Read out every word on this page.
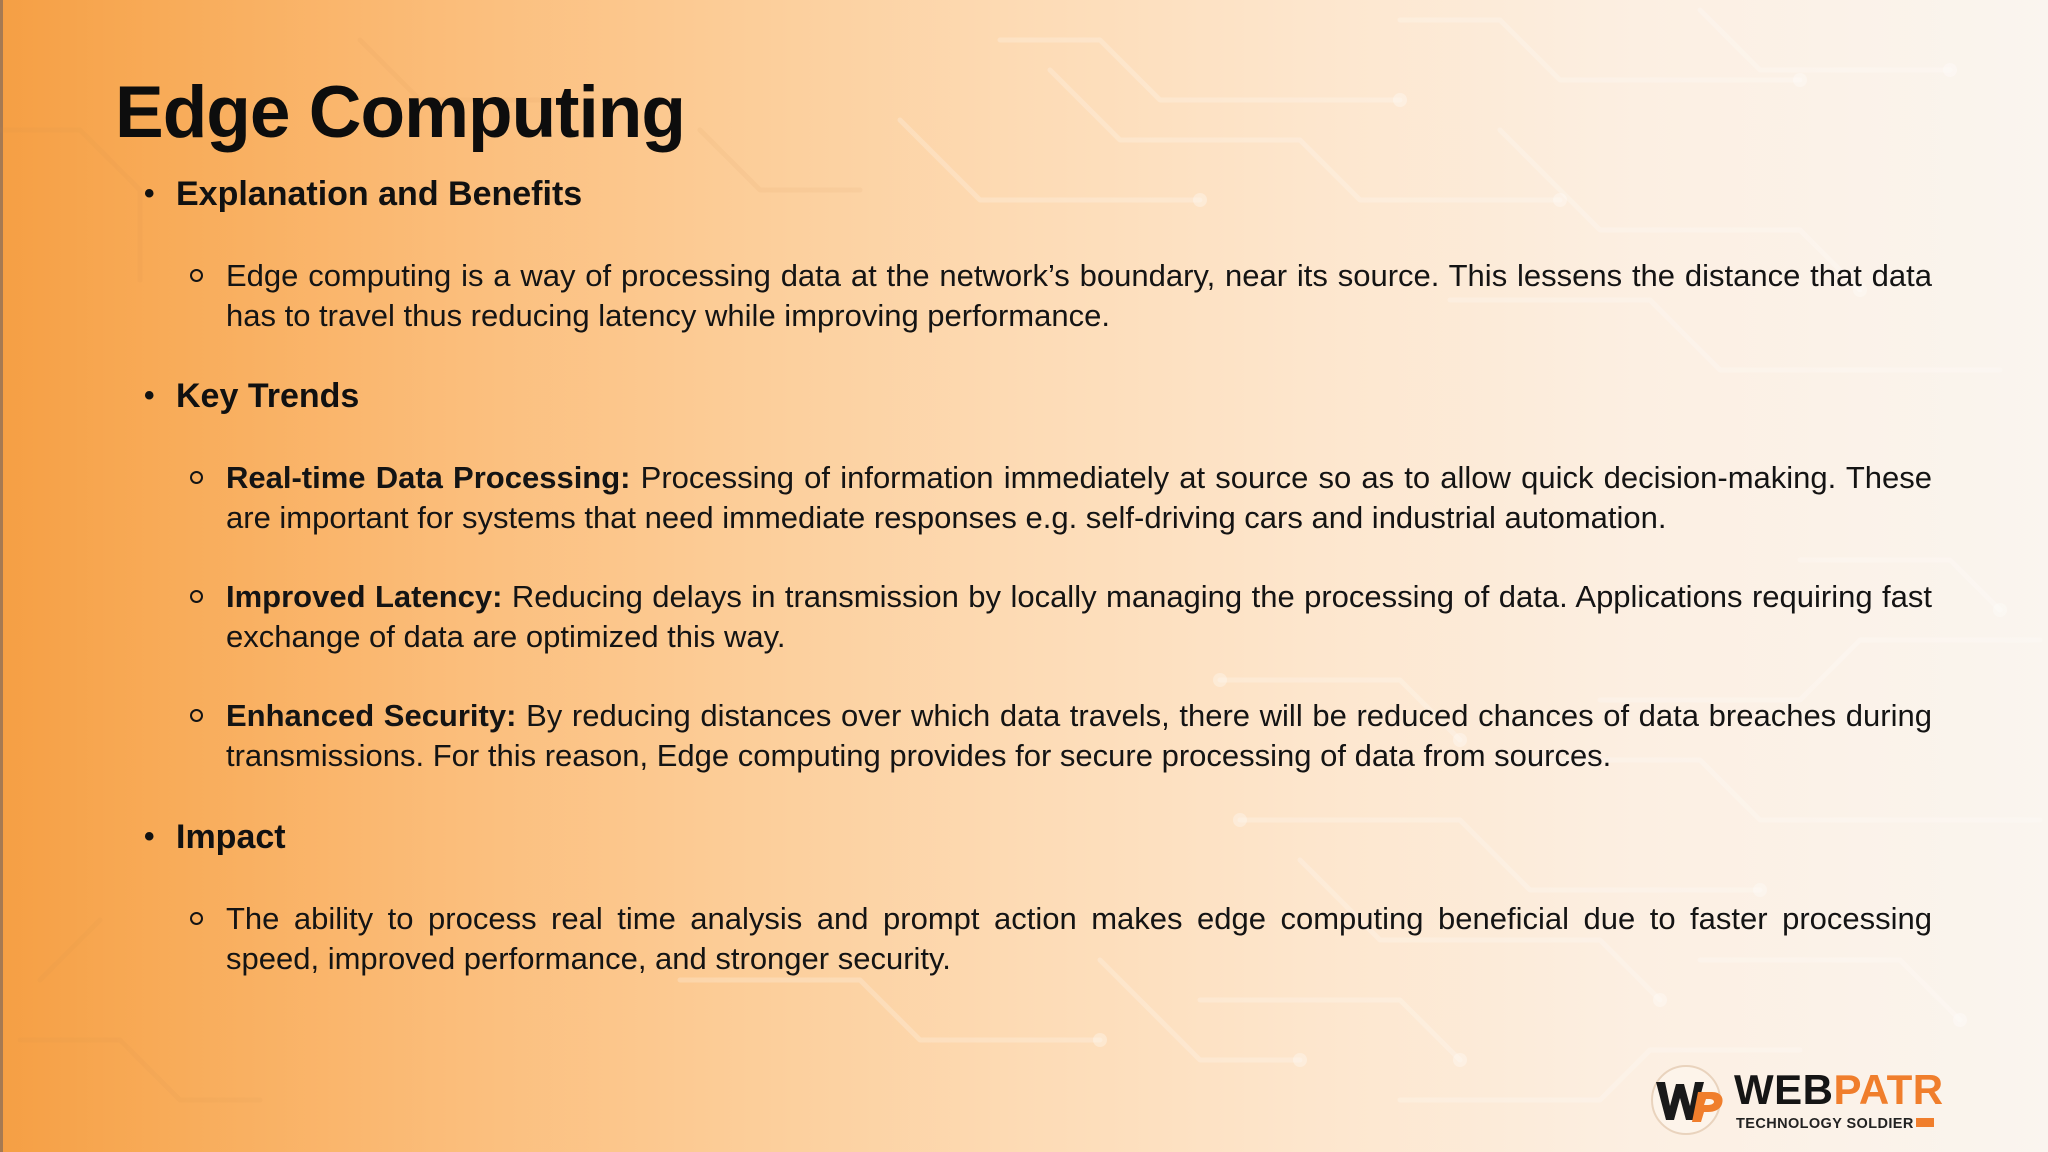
Edge Computing
• Explanation and Benefits
Edge computing is a way of processing data at the network’s boundary, near its source. This lessens the distance that data has to travel thus reducing latency while improving performance.
• Key Trends
Real-time Data Processing: Processing of information immediately at source so as to allow quick decision-making. These are important for systems that need immediate responses e.g. self-driving cars and industrial automation.
Improved Latency: Reducing delays in transmission by locally managing the processing of data. Applications requiring fast exchange of data are optimized this way.
Enhanced Security: By reducing distances over which data travels, there will be reduced chances of data breaches during transmissions. For this reason, Edge computing provides for secure processing of data from sources.
• Impact
The ability to process real time analysis and prompt action makes edge computing beneficial due to faster processing speed, improved performance, and stronger security.
WEBPATR
TECHNOLOGY SOLDIER
